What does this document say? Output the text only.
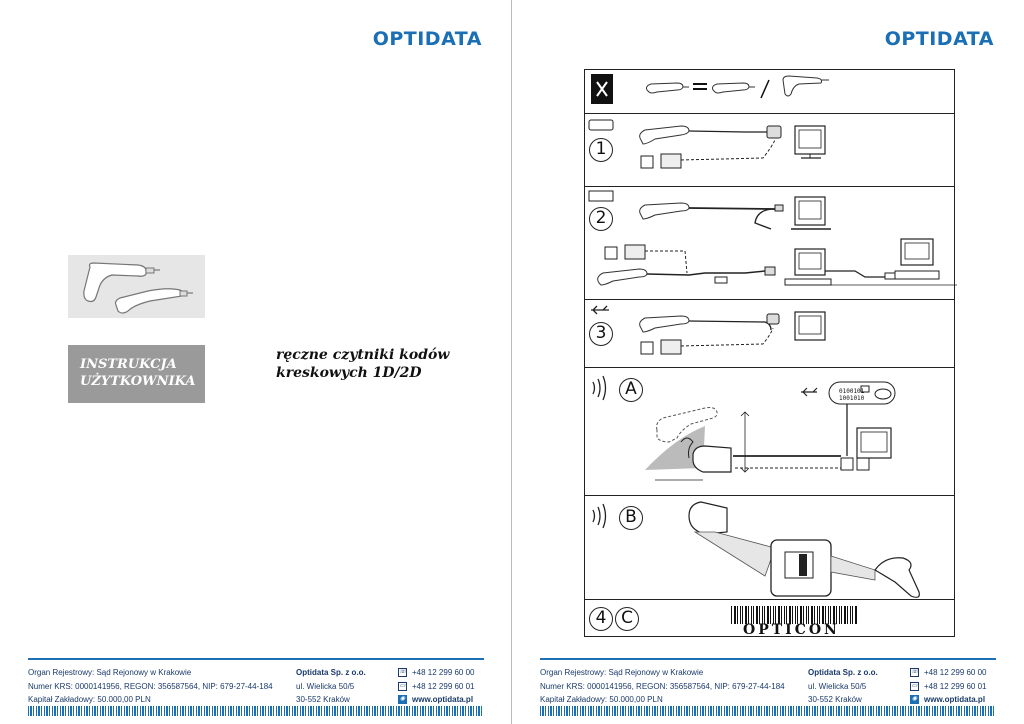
OPTIDATA
INSTRUKCJA
UŻYTKOWNIKA
ręczne czytniki kodów
kreskowych 1D/2D
Organ Rejestrowy: Sąd Rejonowy w Krakowie
Numer KRS: 0000141956, REGON: 356587564, NIP: 679-27-44-184
Kapitał Zakładowy: 50.000,00 PLN
Optidata Sp. z o.o.
ul. Wielicka 50/5
30-552 Kraków
☏ +48 12 299 60 00
▭ +48 12 299 60 01
◉ www.optidata.pl
OPTIDATA
1
2
3
A	0100101
1001010
B
4 C
OPTICON
Organ Rejestrowy: Sąd Rejonowy w Krakowie
Numer KRS: 0000141956, REGON: 356587564, NIP: 679-27-44-184
Kapitał Zakładowy: 50.000,00 PLN
Optidata Sp. z o.o.
ul. Wielicka 50/5
30-552 Kraków
☏ +48 12 299 60 00
▭ +48 12 299 60 01
◉ www.optidata.pl
